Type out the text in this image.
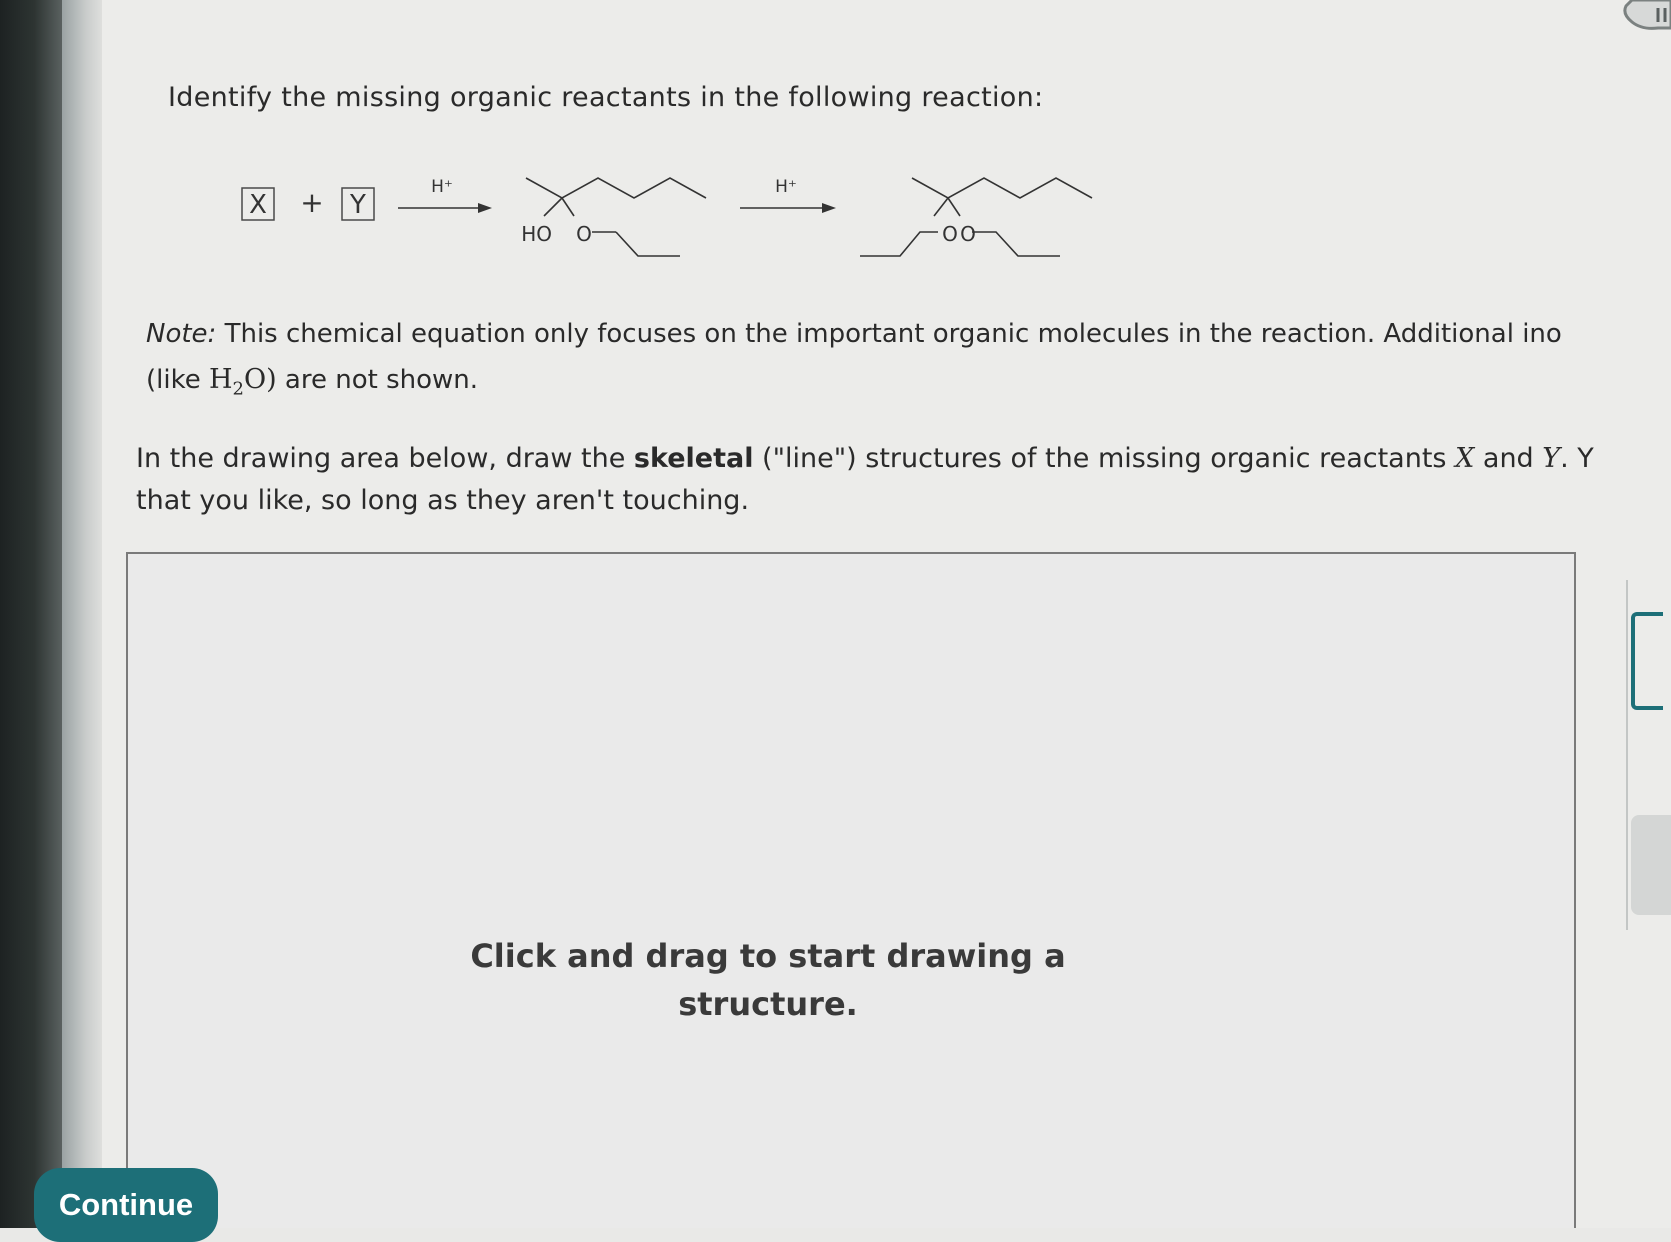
Identify the missing organic reactants in the following reaction:

X + Y
H⁺
HO O
H⁺
O O

Note: This chemical equation only focuses on the important organic molecules in the reaction. Additional ino
(like $H_2O$) are not shown.

In the drawing area below, draw the skeletal ("line") structures of the missing organic reactants X and Y. Y
that you like, so long as they aren't touching.

Click and drag to start drawing a structure.

Continue
